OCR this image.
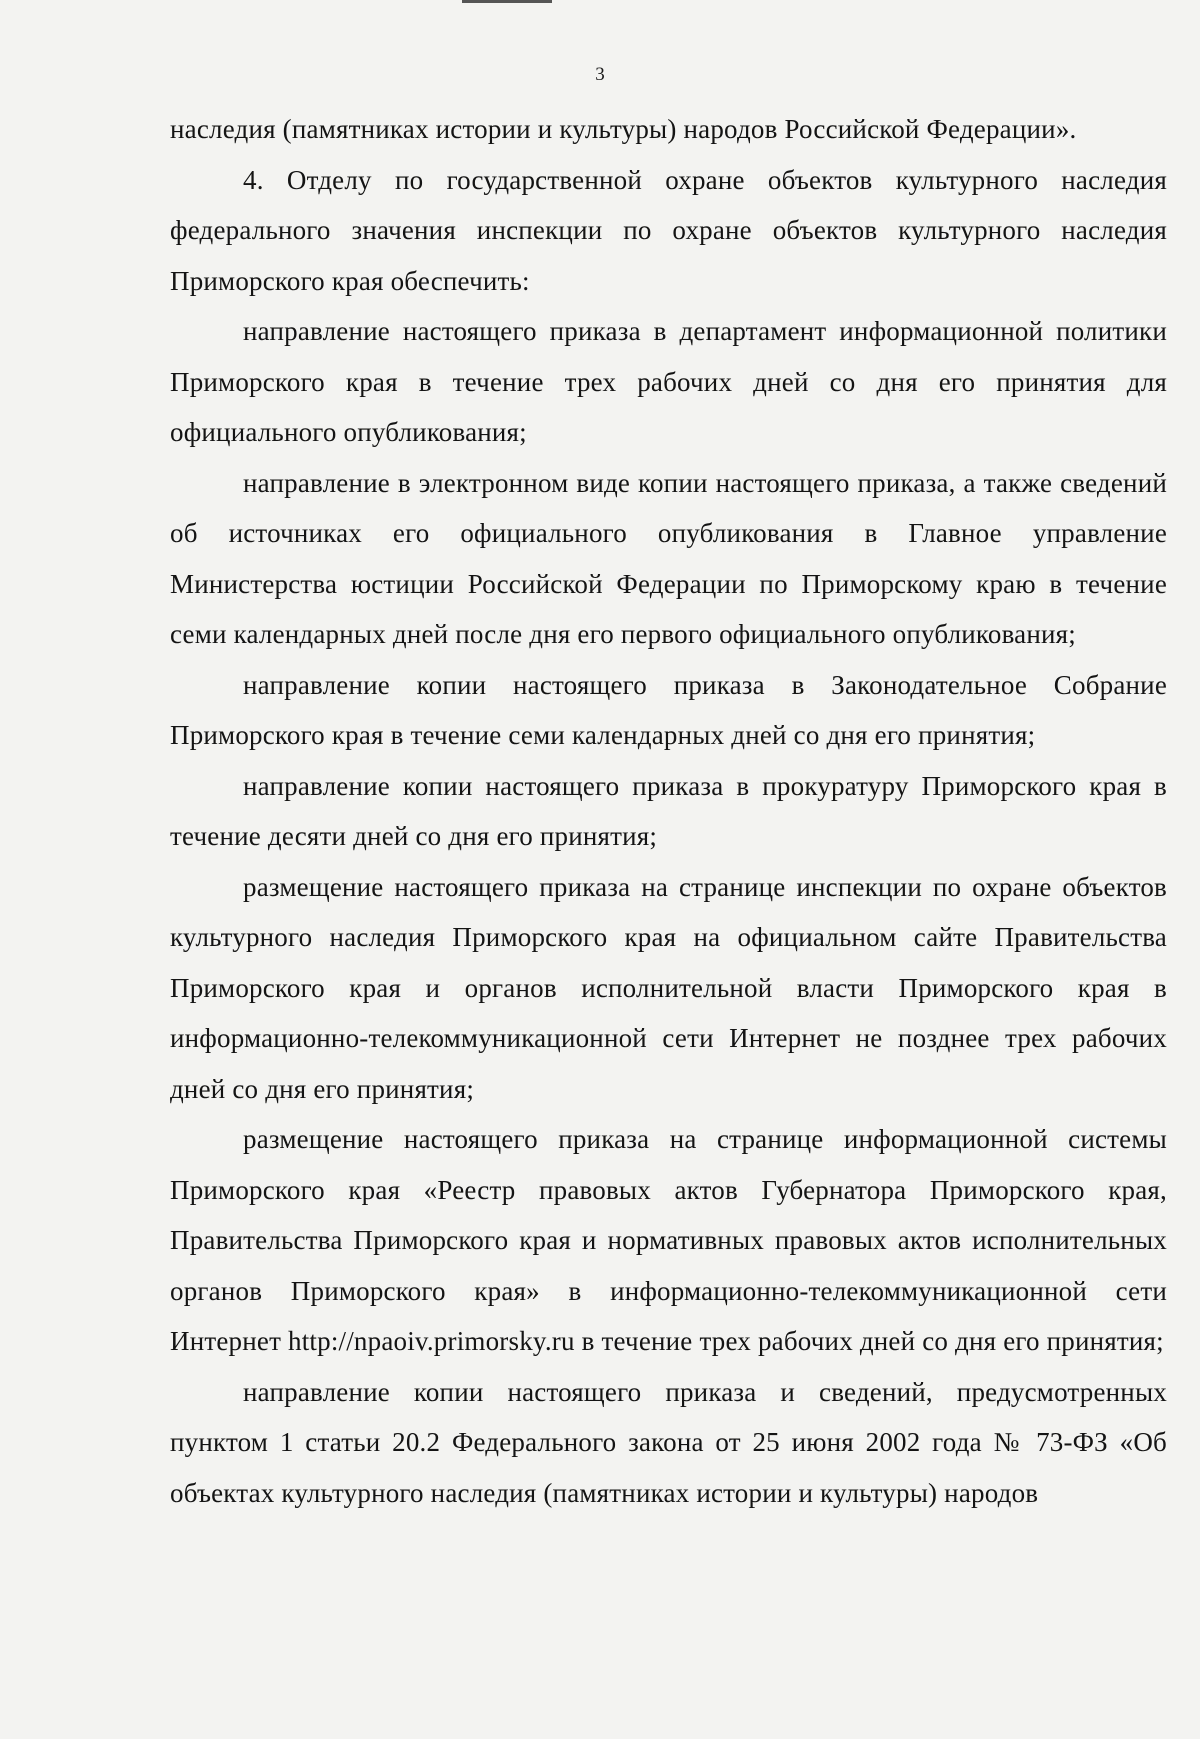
3

наследия (памятниках истории и культуры) народов Российской Федерации».

4. Отделу по государственной охране объектов культурного наследия федерального значения инспекции по охране объектов культурного наследия Приморского края обеспечить:

направление настоящего приказа в департамент информационной политики Приморского края в течение трех рабочих дней со дня его принятия для официального опубликования;

направление в электронном виде копии настоящего приказа, а также сведений об источниках его официального опубликования в Главное управление Министерства юстиции Российской Федерации по Приморскому краю в течение семи календарных дней после дня его первого официального опубликования;

направление копии настоящего приказа в Законодательное Собрание Приморского края в течение семи календарных дней со дня его принятия;

направление копии настоящего приказа в прокуратуру Приморского края в течение десяти дней со дня его принятия;

размещение настоящего приказа на странице инспекции по охране объектов культурного наследия Приморского края на официальном сайте Правительства Приморского края и органов исполнительной власти Приморского края в информационно-телекоммуникационной сети Интернет не позднее трех рабочих дней со дня его принятия;

размещение настоящего приказа на странице информационной системы Приморского края «Реестр правовых актов Губернатора Приморского края, Правительства Приморского края и нормативных правовых актов исполнительных органов Приморского края» в информационно-телекоммуникационной сети Интернет http://npaoiv.primorsky.ru в течение трех рабочих дней со дня его принятия;

направление копии настоящего приказа и сведений, предусмотренных пунктом 1 статьи 20.2 Федерального закона от 25 июня 2002 года № 73-ФЗ «Об объектах культурного наследия (памятниках истории и культуры) народов
